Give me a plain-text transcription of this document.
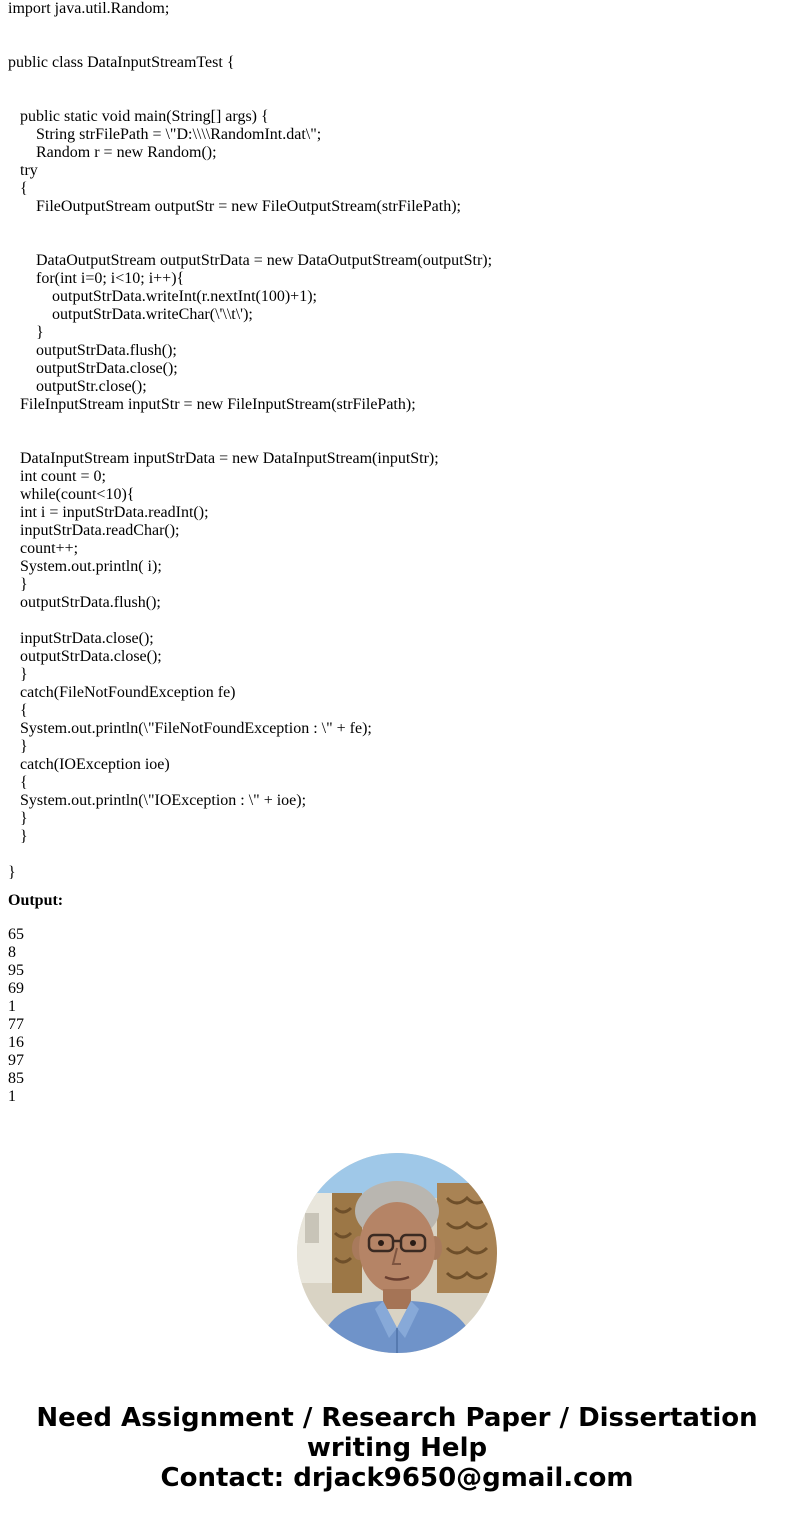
import java.util.Random;
public class DataInputStreamTest {
public static void main(String[] args) {
String strFilePath = \"D:\\\\RandomInt.dat\";
Random r = new Random();
try
{
FileOutputStream outputStr = new FileOutputStream(strFilePath);
DataOutputStream outputStrData = new DataOutputStream(outputStr);
for(int i=0; i<10; i++){
outputStrData.writeInt(r.nextInt(100)+1);
outputStrData.writeChar(\'\\t\');
}
outputStrData.flush();
outputStrData.close();
outputStr.close();
FileInputStream inputStr = new FileInputStream(strFilePath);
DataInputStream inputStrData = new DataInputStream(inputStr);
int count = 0;
while(count<10){
int i = inputStrData.readInt();
inputStrData.readChar();
count++;
System.out.println( i);
}
outputStrData.flush();
inputStrData.close();
outputStrData.close();
}
catch(FileNotFoundException fe)
{
System.out.println(\"FileNotFoundException : \" + fe);
}
catch(IOException ioe)
{
System.out.println(\"IOException : \" + ioe);
}
}
}
Output:
65
8
95
69
1
77
16
97
85
1
Need Assignment / Research Paper / Dissertation
writing Help
Contact: drjack9650@gmail.com
